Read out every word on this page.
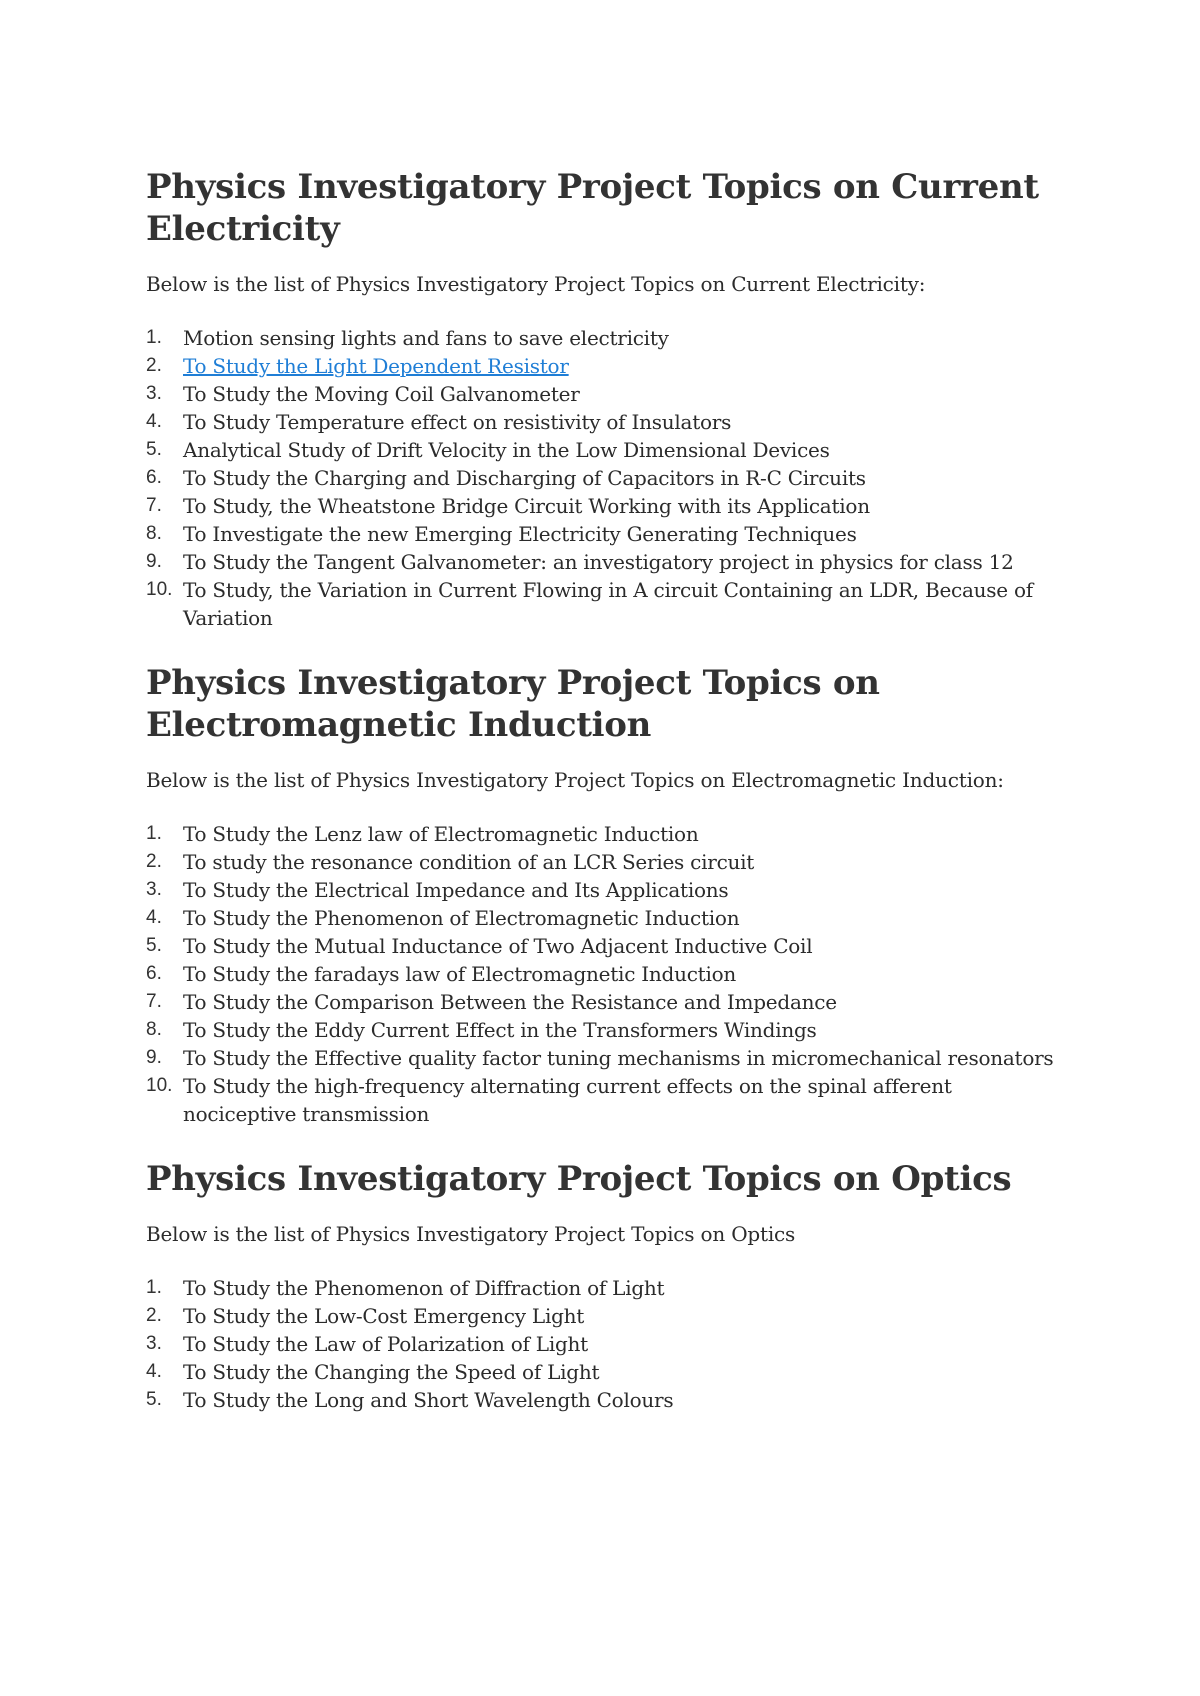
Physics Investigatory Project Topics on Current Electricity

Below is the list of Physics Investigatory Project Topics on Current Electricity:

1. Motion sensing lights and fans to save electricity
2. To Study the Light Dependent Resistor
3. To Study the Moving Coil Galvanometer
4. To Study Temperature effect on resistivity of Insulators
5. Analytical Study of Drift Velocity in the Low Dimensional Devices
6. To Study the Charging and Discharging of Capacitors in R-C Circuits
7. To Study, the Wheatstone Bridge Circuit Working with its Application
8. To Investigate the new Emerging Electricity Generating Techniques
9. To Study the Tangent Galvanometer: an investigatory project in physics for class 12
10. To Study, the Variation in Current Flowing in A circuit Containing an LDR, Because of Variation
Physics Investigatory Project Topics on Electromagnetic Induction

Below is the list of Physics Investigatory Project Topics on Electromagnetic Induction:

1. To Study the Lenz law of Electromagnetic Induction
2. To study the resonance condition of an LCR Series circuit
3. To Study the Electrical Impedance and Its Applications
4. To Study the Phenomenon of Electromagnetic Induction
5. To Study the Mutual Inductance of Two Adjacent Inductive Coil
6. To Study the faradays law of Electromagnetic Induction
7. To Study the Comparison Between the Resistance and Impedance
8. To Study the Eddy Current Effect in the Transformers Windings
9. To Study the Effective quality factor tuning mechanisms in micromechanical resonators
10. To Study the high-frequency alternating current effects on the spinal afferent nociceptive transmission
Physics Investigatory Project Topics on Optics

Below is the list of Physics Investigatory Project Topics on Optics

1. To Study the Phenomenon of Diffraction of Light
2. To Study the Low-Cost Emergency Light
3. To Study the Law of Polarization of Light
4. To Study the Changing the Speed of Light
5. To Study the Long and Short Wavelength Colours
